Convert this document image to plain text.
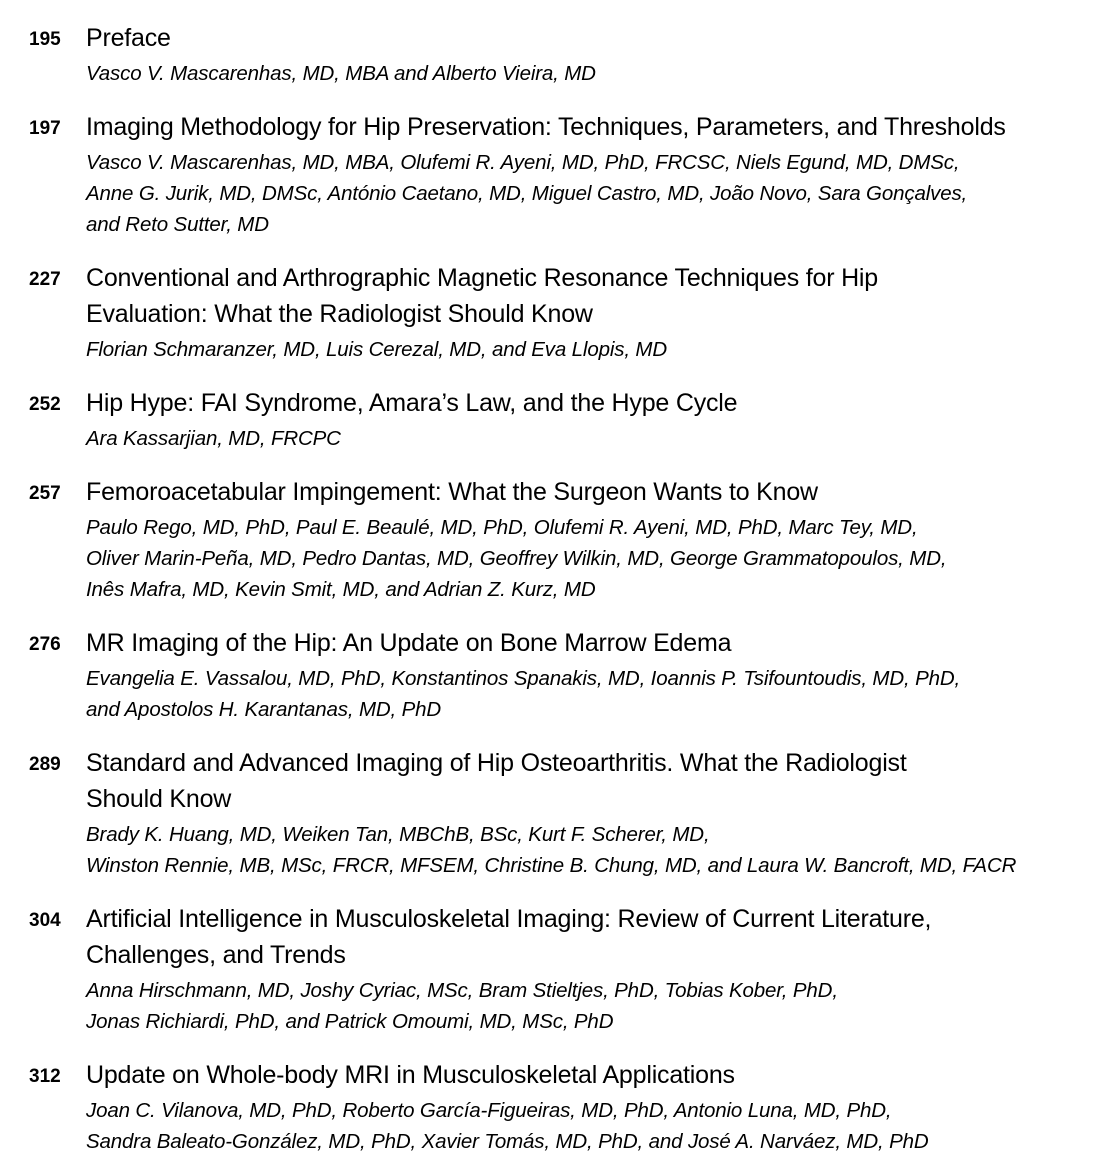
195	Preface
Vasco V. Mascarenhas, MD, MBA and Alberto Vieira, MD
197	Imaging Methodology for Hip Preservation: Techniques, Parameters, and Thresholds
Vasco V. Mascarenhas, MD, MBA, Olufemi R. Ayeni, MD, PhD, FRCSC, Niels Egund, MD, DMSc,
Anne G. Jurik, MD, DMSc, António Caetano, MD, Miguel Castro, MD, João Novo, Sara Gonçalves,
and Reto Sutter, MD
227	Conventional and Arthrographic Magnetic Resonance Techniques for Hip
Evaluation: What the Radiologist Should Know
Florian Schmaranzer, MD, Luis Cerezal, MD, and Eva Llopis, MD
252	Hip Hype: FAI Syndrome, Amara’s Law, and the Hype Cycle
Ara Kassarjian, MD, FRCPC
257	Femoroacetabular Impingement: What the Surgeon Wants to Know
Paulo Rego, MD, PhD, Paul E. Beaulé, MD, PhD, Olufemi R. Ayeni, MD, PhD, Marc Tey, MD,
Oliver Marin-Peña, MD, Pedro Dantas, MD, Geoffrey Wilkin, MD, George Grammatopoulos, MD,
Inês Mafra, MD, Kevin Smit, MD, and Adrian Z. Kurz, MD
276	MR Imaging of the Hip: An Update on Bone Marrow Edema
Evangelia E. Vassalou, MD, PhD, Konstantinos Spanakis, MD, Ioannis P. Tsifountoudis, MD, PhD,
and Apostolos H. Karantanas, MD, PhD
289	Standard and Advanced Imaging of Hip Osteoarthritis. What the Radiologist
Should Know
Brady K. Huang, MD, Weiken Tan, MBChB, BSc, Kurt F. Scherer, MD,
Winston Rennie, MB, MSc, FRCR, MFSEM, Christine B. Chung, MD, and Laura W. Bancroft, MD, FACR
304	Artificial Intelligence in Musculoskeletal Imaging: Review of Current Literature,
Challenges, and Trends
Anna Hirschmann, MD, Joshy Cyriac, MSc, Bram Stieltjes, PhD, Tobias Kober, PhD,
Jonas Richiardi, PhD, and Patrick Omoumi, MD, MSc, PhD
312	Update on Whole-body MRI in Musculoskeletal Applications
Joan C. Vilanova, MD, PhD, Roberto García-Figueiras, MD, PhD, Antonio Luna, MD, PhD,
Sandra Baleato-González, MD, PhD, Xavier Tomás, MD, PhD, and José A. Narváez, MD, PhD
